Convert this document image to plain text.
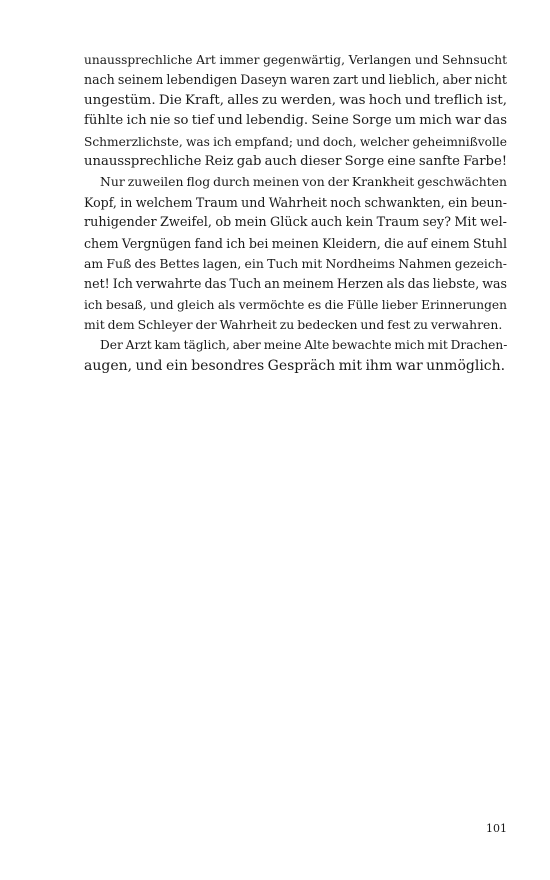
unaussprechliche Art immer gegenwärtig, Verlangen und Sehnsucht
nach seinem lebendigen Daseyn waren zart und lieblich, aber nicht
ungestüm. Die Kraft, alles zu werden, was hoch und treflich ist,
fühlte ich nie so tief und lebendig. Seine Sorge um mich war das
Schmerzlichste, was ich empfand; und doch, welcher geheimnißvolle
unaussprechliche Reiz gab auch dieser Sorge eine sanfte Farbe!
Nur zuweilen flog durch meinen von der Krankheit geschwächten
Kopf, in welchem Traum und Wahrheit noch schwankten, ein beun-
ruhigender Zweifel, ob mein Glück auch kein Traum sey? Mit wel-
chem Vergnügen fand ich bei meinen Kleidern, die auf einem Stuhl
am Fuß des Bettes lagen, ein Tuch mit Nordheims Nahmen gezeich-
net! Ich verwahrte das Tuch an meinem Herzen als das liebste, was
ich besaß, und gleich als vermöchte es die Fülle lieber Erinnerungen
mit dem Schleyer der Wahrheit zu bedecken und fest zu verwahren.
Der Arzt kam täglich, aber meine Alte bewachte mich mit Drachen-
augen, und ein besondres Gespräch mit ihm war unmöglich.
101
